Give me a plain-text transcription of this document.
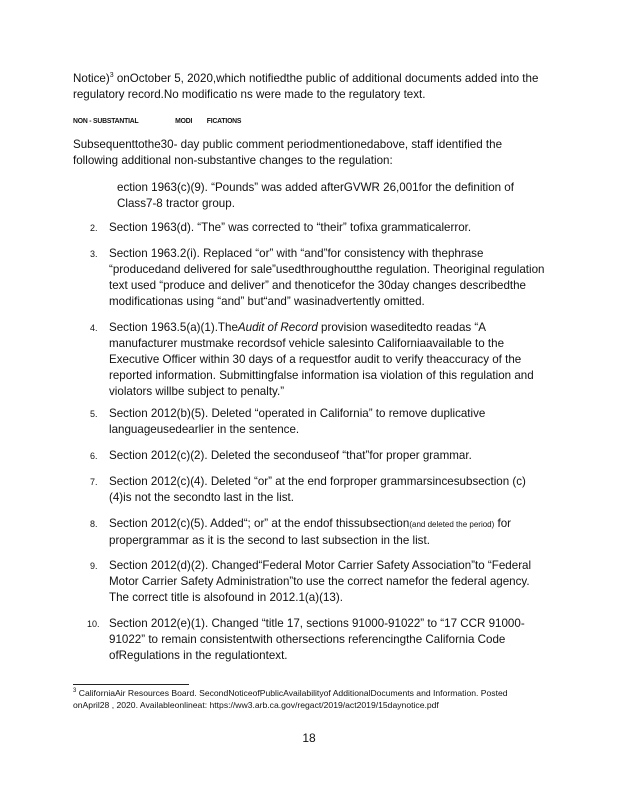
Notice)$^3$ onOctober 5, 2020,which notifiedthe public of additional documents added into the regulatory record.No modificatio ns were made to the regulatory text.
NON - SUBSTANTIAL	MODI FICATIONS
Subsequenttothe30- day public comment periodmentionedabove, staff identified the following additional non-substantive changes to the regulation:
ection 1963(c)(9). “Pounds” was added afterGVWR 26,001for the definition of Class7-8 tractor group.
2. Section 1963(d). “The” was corrected to “their” tofixa grammaticalerror.
3. Section 1963.2(i). Replaced “or” with “and”for consistency with thephrase “producedand delivered for sale”usedthroughoutthe regulation. Theoriginal regulation text used “produce and deliver” and thenoticefor the 30day changes describedthe modificationas using “and” but“and” wasinadvertently omitted.
4. Section 1963.5(a)(1).TheAudit of Record provision waseditedto readas “A manufacturer mustmake recordsof vehicle salesinto Californiaavailable to the Executive Officer within 30 days of a requestfor audit to verify theaccuracy of the reported information. Submittingfalse information isa violation of this regulation and violators willbe subject to penalty.”
5. Section 2012(b)(5). Deleted “operated in California” to remove duplicative languageusedearlier in the sentence.
6. Section 2012(c)(2). Deleted the seconduseof “that”for proper grammar.
7. Section 2012(c)(4). Deleted “or” at the end forproper grammarsincesubsection (c)(4)is not the secondto last in the list.
8. Section 2012(c)(5). Added“; or” at the endof thissubsection(and deleted the period) for propergrammar as it is the second to last subsection in the list.
9. Section 2012(d)(2). Changed“Federal Motor Carrier Safety Association”to “Federal Motor Carrier Safety Administration”to use the correct namefor the federal agency. The correct title is alsofound in 2012.1(a)(13).
10. Section 2012(e)(1). Changed “title 17, sections 91000-91022” to “17 CCR 91000-91022” to remain consistentwith othersections referencingthe California Code ofRegulations in the regulationtext.
$^3$ CaliforniaAir Resources Board. SecondNoticeofPublicAvailabilityof AdditionalDocuments and Information. Posted onApril28 , 2020. Availableonlineat: https://ww3.arb.ca.gov/regact/2019/act2019/15daynotice.pdf
18
